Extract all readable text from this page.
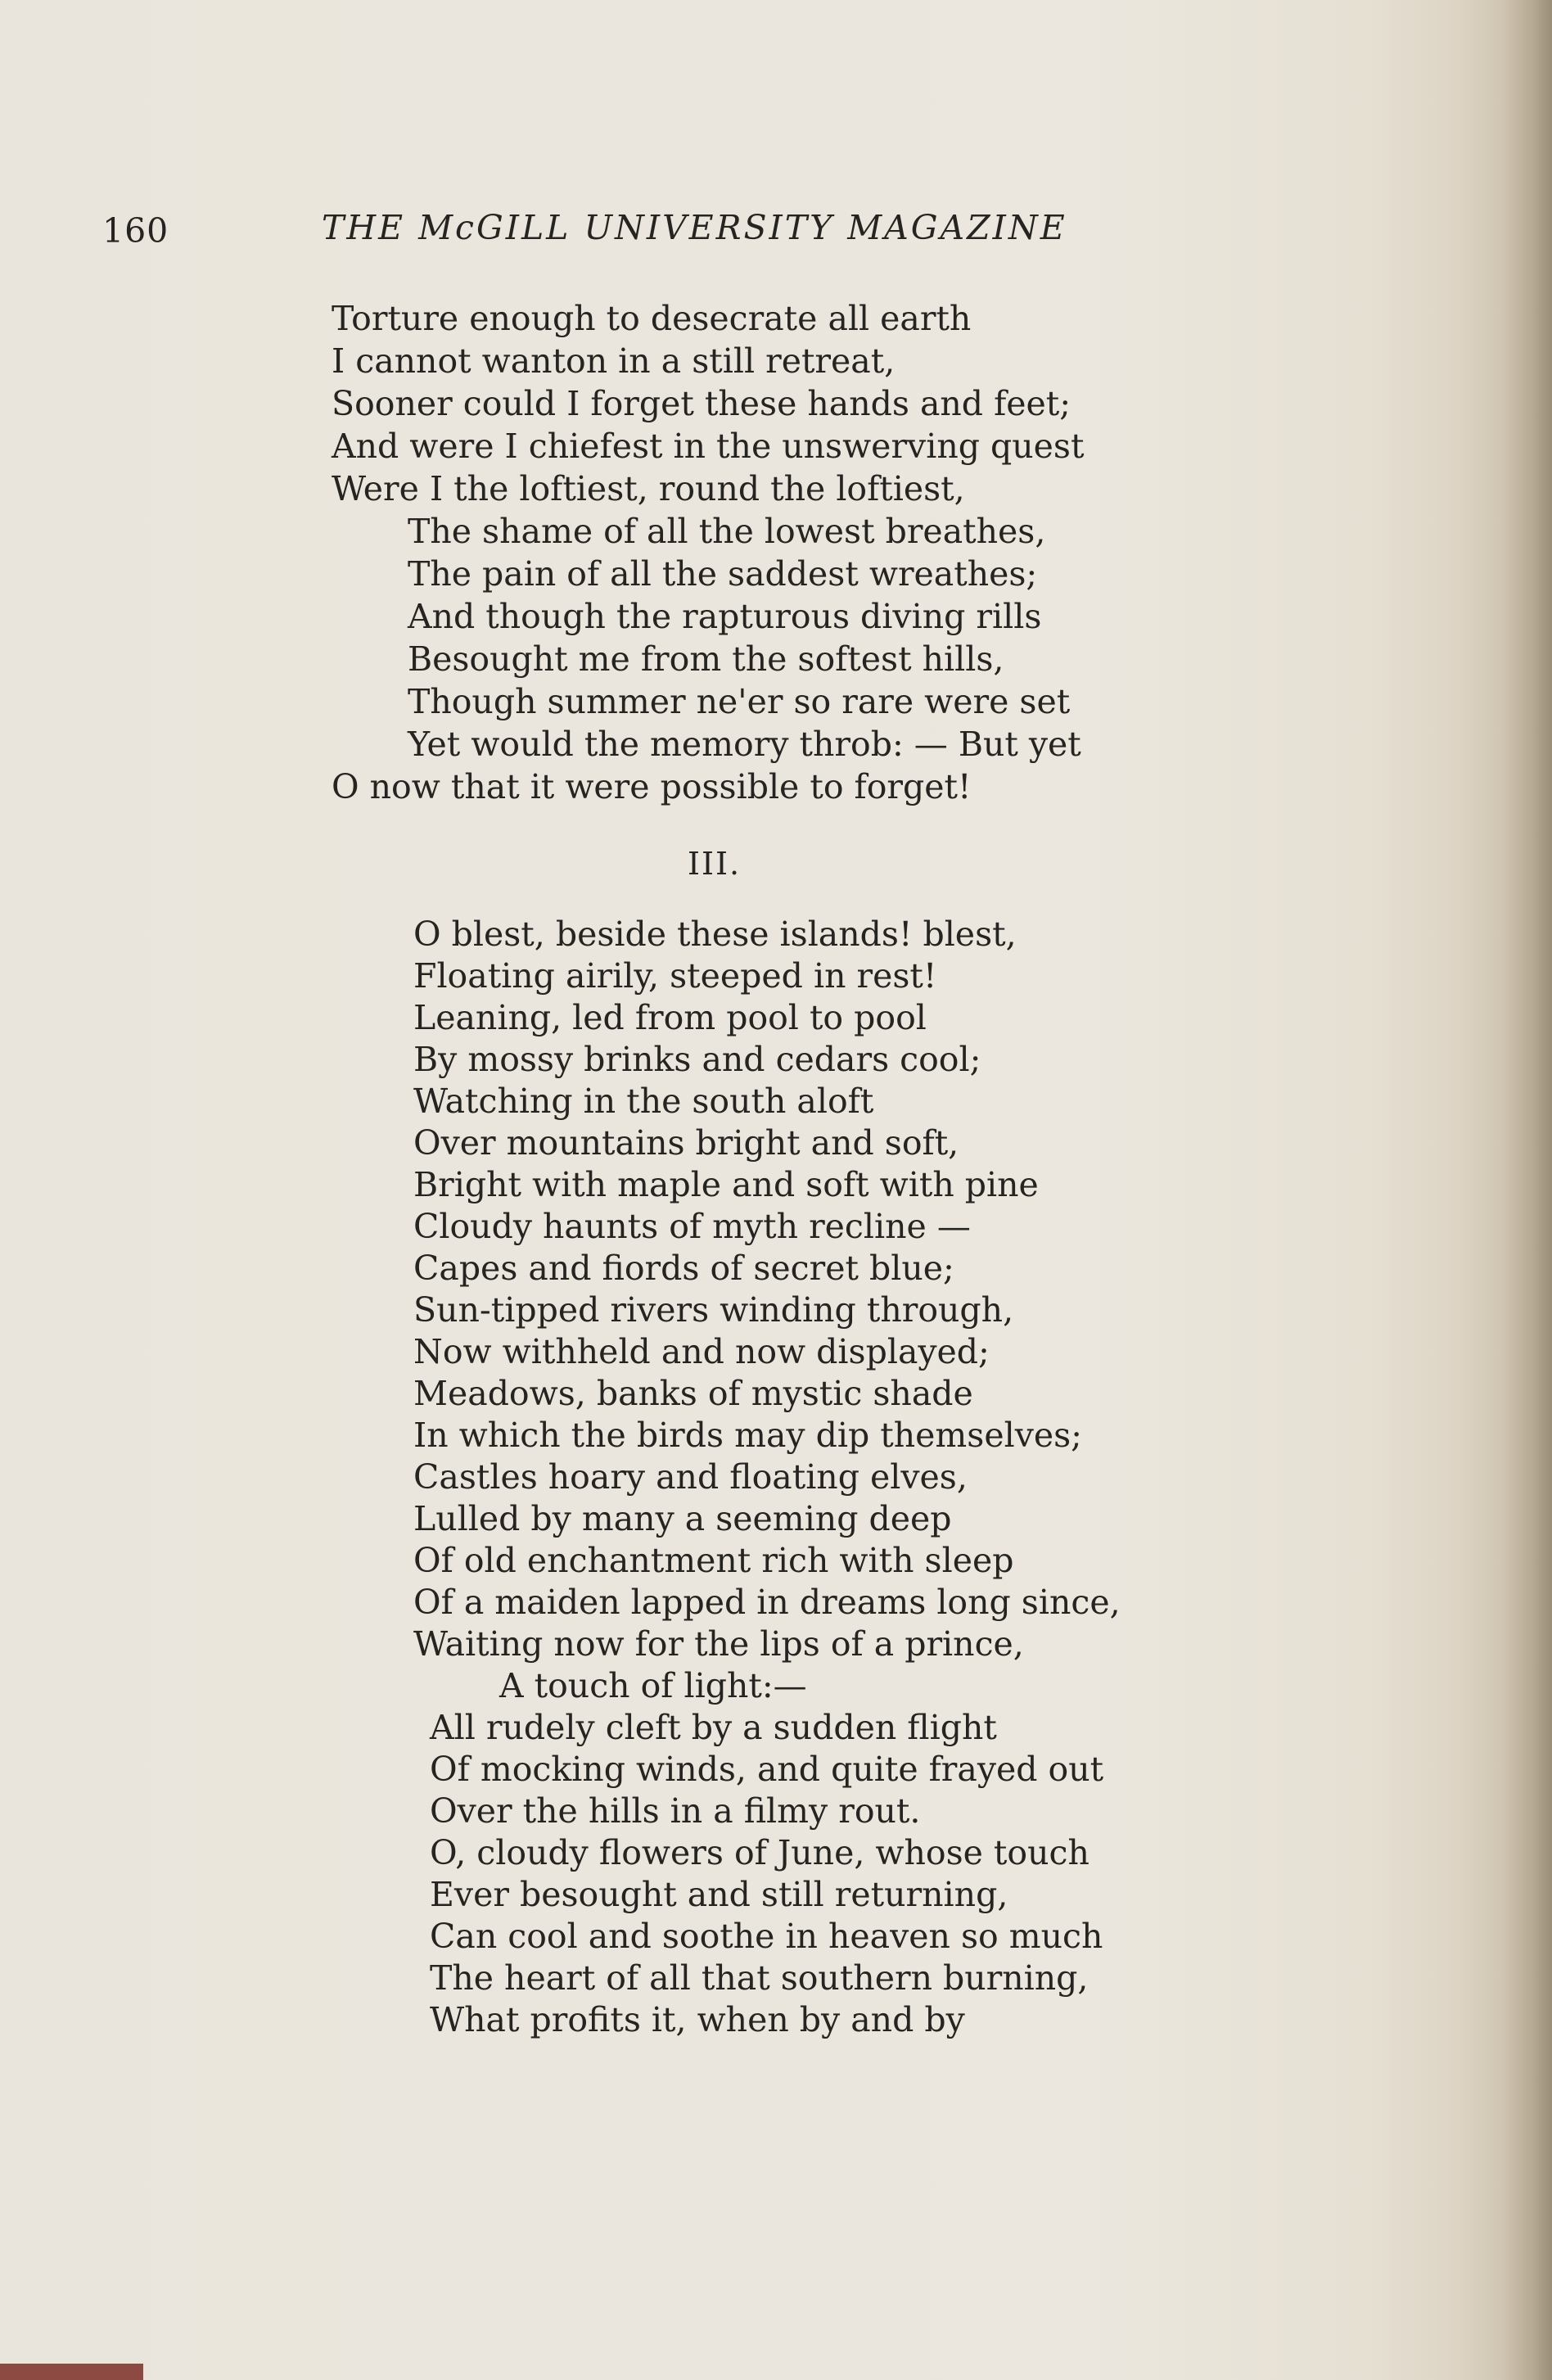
160	THE McGILL UNIVERSITY MAGAZINE
Torture enough to desecrate all earth
I cannot wanton in a still retreat,
Sooner could I forget these hands and feet;
And were I chiefest in the unswerving quest
Were I the loftiest, round the loftiest,
The shame of all the lowest breathes,
The pain of all the saddest wreathes;
And though the rapturous diving rills
Besought me from the softest hills,
Though summer ne'er so rare were set
Yet would the memory throb: — But yet
O now that it were possible to forget!
III.
O blest, beside these islands! blest,
Floating airily, steeped in rest!
Leaning, led from pool to pool
By mossy brinks and cedars cool;
Watching in the south aloft
Over mountains bright and soft,
Bright with maple and soft with pine
Cloudy haunts of myth recline —
Capes and fiords of secret blue;
Sun-tipped rivers winding through,
Now withheld and now displayed;
Meadows, banks of mystic shade
In which the birds may dip themselves;
Castles hoary and floating elves,
Lulled by many a seeming deep
Of old enchantment rich with sleep
Of a maiden lapped in dreams long since,
Waiting now for the lips of a prince,
A touch of light:—
All rudely cleft by a sudden flight
Of mocking winds, and quite frayed out
Over the hills in a filmy rout.
O, cloudy flowers of June, whose touch
Ever besought and still returning,
Can cool and soothe in heaven so much
The heart of all that southern burning,
What profits it, when by and by
